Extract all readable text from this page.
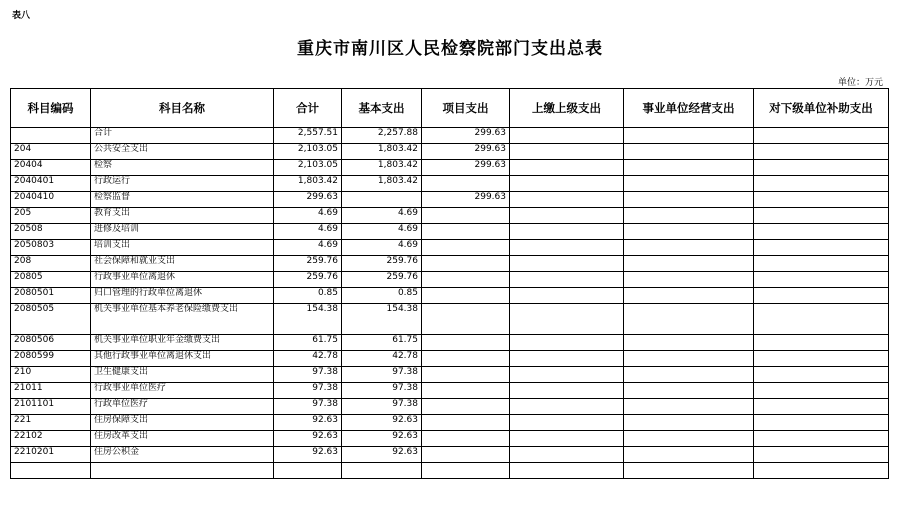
表八
重庆市南川区人民检察院部门支出总表
单位：万元
科目编码	科目名称	合计	基本支出	项目支出	上缴上级支出	事业单位经营支出	对下级单位补助支出
	合计	2,557.51	2,257.88	299.63			
204	公共安全支出	2,103.05	1,803.42	299.63			
20404	检察	2,103.05	1,803.42	299.63			
2040401	行政运行	1,803.42	1,803.42				
2040410	检察监督	299.63		299.63			
205	教育支出	4.69	4.69				
20508	进修及培训	4.69	4.69				
2050803	培训支出	4.69	4.69				
208	社会保障和就业支出	259.76	259.76				
20805	行政事业单位离退休	259.76	259.76				
2080501	归口管理的行政单位离退休	0.85	0.85				
2080505	机关事业单位基本养老保险缴费支出	154.38	154.38				
2080506	机关事业单位职业年金缴费支出	61.75	61.75				
2080599	其他行政事业单位离退休支出	42.78	42.78				
210	卫生健康支出	97.38	97.38				
21011	行政事业单位医疗	97.38	97.38				
2101101	行政单位医疗	97.38	97.38				
221	住房保障支出	92.63	92.63				
22102	住房改革支出	92.63	92.63				
2210201	住房公积金	92.63	92.63				
